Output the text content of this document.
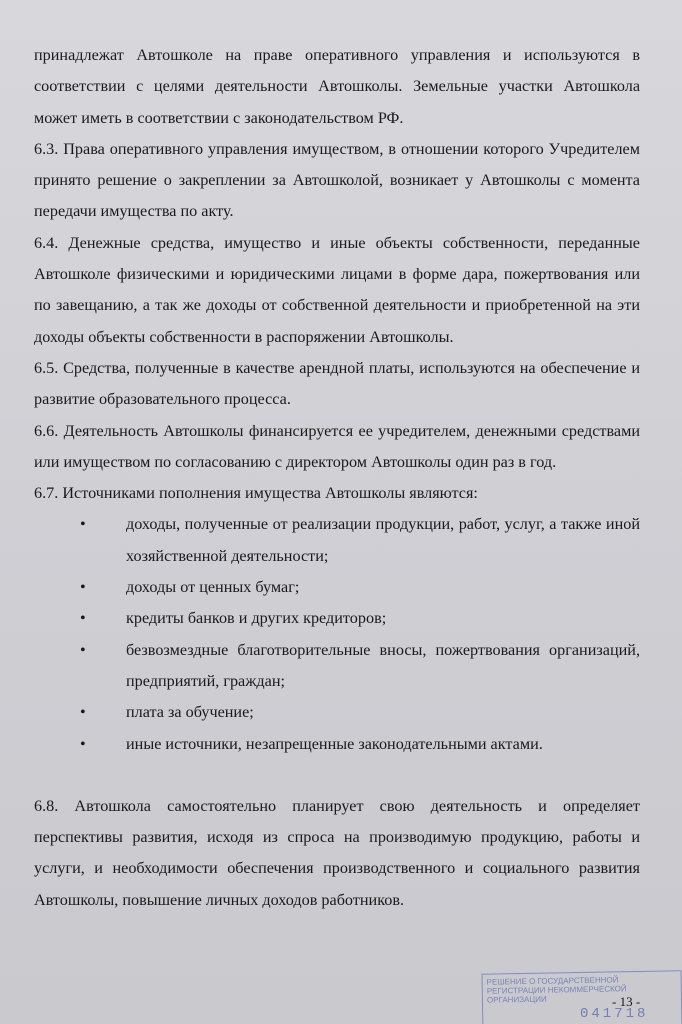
принадлежат Автошколе на праве оперативного управления и используются в соответствии с целями деятельности Автошколы. Земельные участки Автошкола может иметь в соответствии с законодательством РФ.

6.3. Права оперативного управления имуществом, в отношении которого Учредителем принято решение о закреплении за Автошколой, возникает у Автошколы с момента передачи имущества по акту.

6.4. Денежные средства, имущество и иные объекты собственности, переданные Автошколе физическими и юридическими лицами в форме дара, пожертвования или по завещанию, а так же доходы от собственной деятельности и приобретенной на эти доходы объекты собственности в распоряжении Автошколы.

6.5. Средства, полученные в качестве арендной платы, используются на обеспечение и развитие образовательного процесса.

6.6. Деятельность Автошколы финансируется ее учредителем, денежными средствами или имуществом по согласованию с директором Автошколы один раз в год.

6.7. Источниками пополнения имущества Автошколы являются:

•	доходы, полученные от реализации продукции, работ, услуг, а также иной хозяйственной деятельности;
•	доходы от ценных бумаг;
•	кредиты банков и других кредиторов;
•	безвозмездные благотворительные вносы, пожертвования организаций, предприятий, граждан;
•	плата за обучение;
•	иные источники, незапрещенные законодательными актами.

6.8. Автошкола самостоятельно планирует свою деятельность и определяет перспективы развития, исходя из спроса на производимую продукцию, работы и услуги, и необходимости обеспечения производственного и социального развития Автошколы, повышение личных доходов работников.

РЕШЕНИЕ О ГОСУДАРСТВЕННОЙ РЕГИСТРАЦИИ НЕКОММЕРЧЕСКОЙ ОРГАНИЗАЦИИ
041718
- 13 -
